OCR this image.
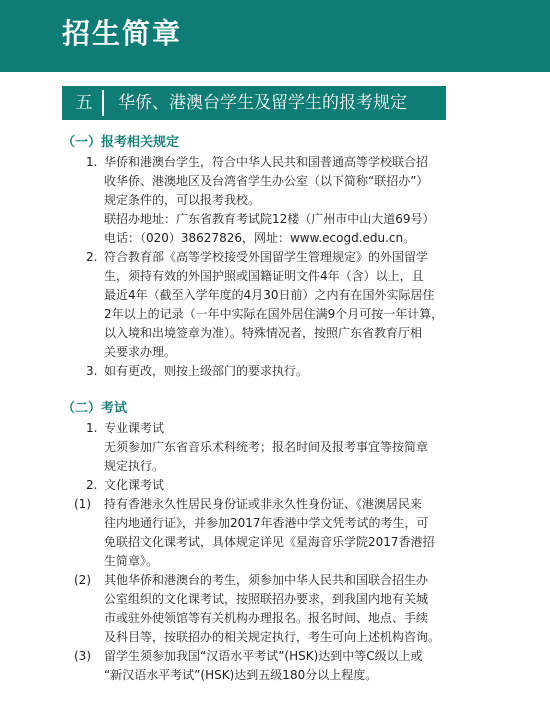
招生简章
五	华侨、港澳台学生及留学生的报考规定

（一）报考相关规定

1. 华侨和港澳台学生，符合中华人民共和国普通高等学校联合招
收华侨、港澳地区及台湾省学生办公室（以下简称“联招办”）
规定条件的，可以报考我校。
联招办地址：广东省教育考试院12楼（广州市中山大道69号）
电话：（020）38627826，网址：www.ecogd.edu.cn。
2. 符合教育部《高等学校接受外国留学生管理规定》的外国留学
生，须持有效的外国护照或国籍证明文件4年（含）以上，且
最近4年（截至入学年度的4月30日前）之内有在国外实际居住
2年以上的记录（一年中实际在国外居住满9个月可按一年计算，
以入境和出境签章为准）。特殊情况者，按照广东省教育厅相
关要求办理。
3. 如有更改，则按上级部门的要求执行。

（二）考试

1. 专业课考试
无须参加广东省音乐术科统考；报名时间及报考事宜等按简章
规定执行。
2. 文化课考试
(1) 持有香港永久性居民身份证或非永久性身份证、《港澳居民来
往内地通行证》，并参加2017年香港中学文凭考试的考生，可
免联招文化课考试，具体规定详见《星海音乐学院2017香港招
生简章》。
(2) 其他华侨和港澳台的考生，须参加中华人民共和国联合招生办
公室组织的文化课考试，按照联招办要求，到我国内地有关城
市或驻外使领馆等有关机构办理报名。报名时间、地点、手续
及科目等，按联招办的相关规定执行，考生可向上述机构咨询。
(3) 留学生须参加我国“汉语水平考试”(HSK)达到中等C级以上或
“新汉语水平考试”(HSK)达到五级180分以上程度。
